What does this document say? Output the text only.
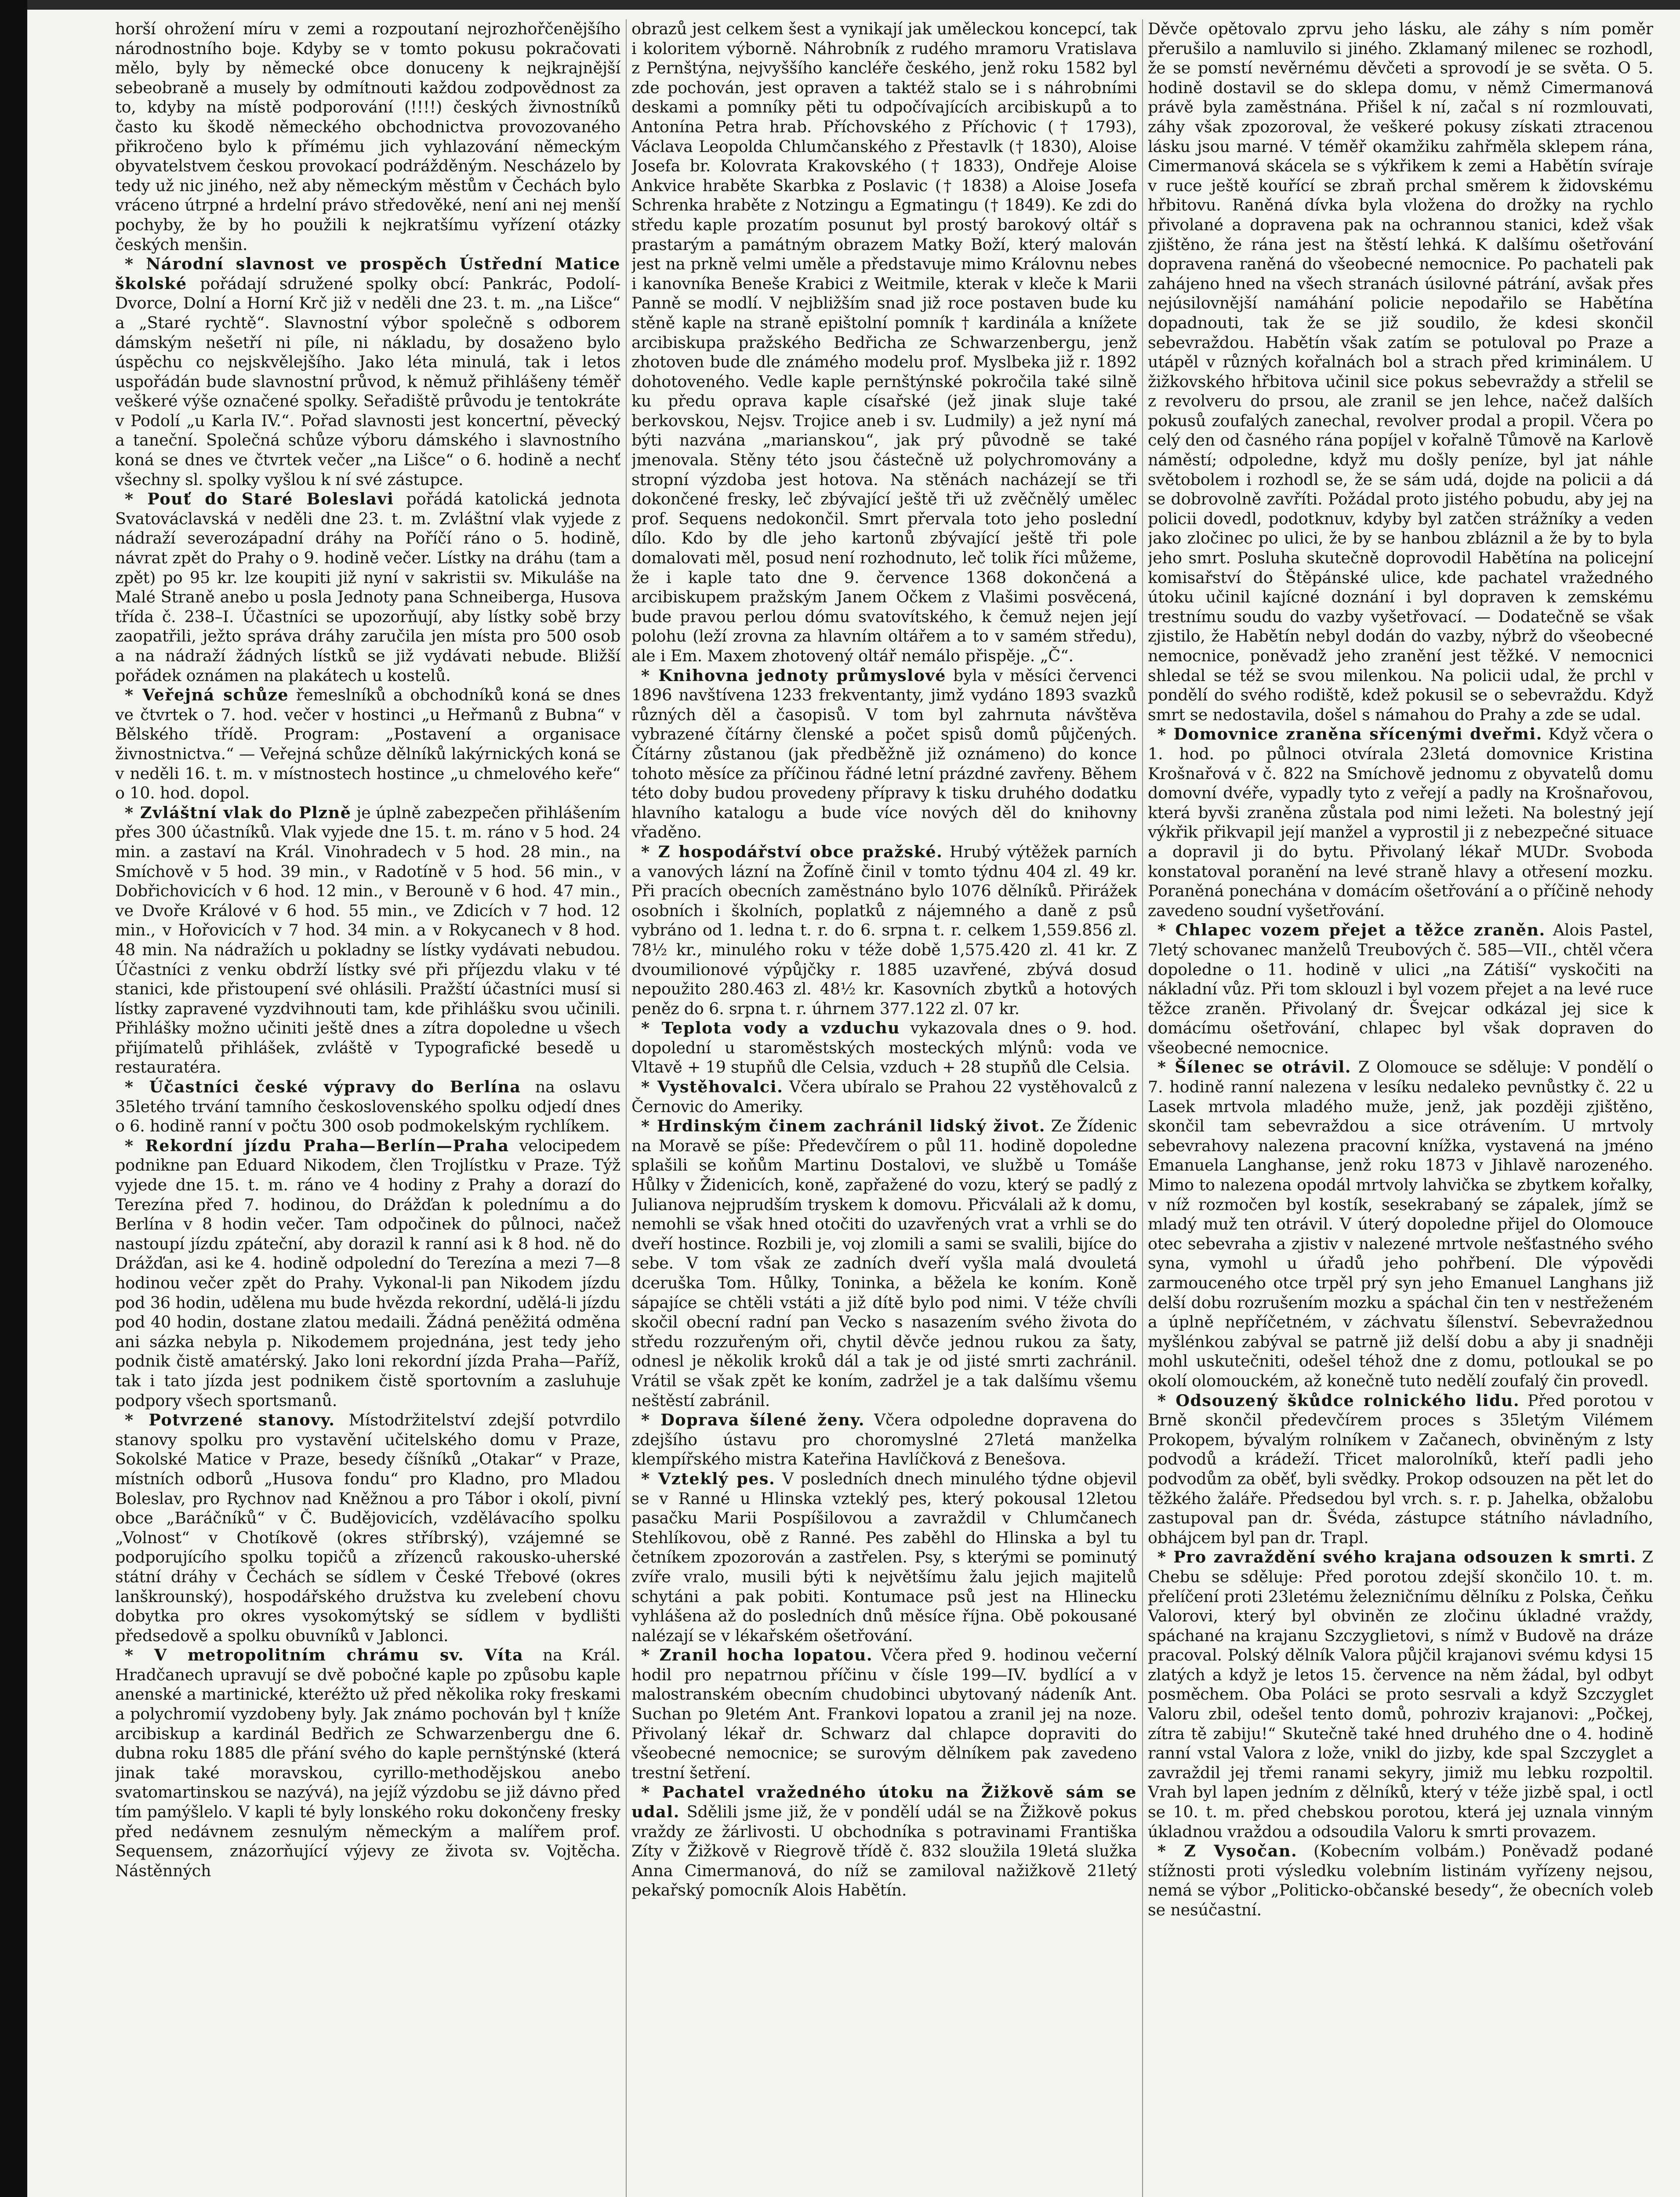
horší ohrožení míru v zemi a rozpoutaní nejrozhořčenějšího národnostního boje. Kdyby se v tomto pokusu pokračovati mělo, byly by německé obce donuceny k nejkrajnější sebeobraně a musely by odmítnouti každou zodpovědnost za to, kdyby na místě podporování (!!!!) českých živnostníků často ku škodě německého obchodnictva provozovaného přikročeno bylo k přímému jich vyhlazování německým obyvatelstvem českou provokací podrážděným. Nescházelo by tedy už nic jiného, než aby německým městům v Čechách bylo vráceno útrpné a hrdelní právo středověké, není ani nej menší pochyby, že by ho použili k nejkratšímu vyřízení otázky českých menšin.

* Národní slavnost ve prospěch Ústřední Matice školské pořádají sdružené spolky obcí: Pankrác, Podolí-Dvorce, Dolní a Horní Krč již v neděli dne 23. t. m. „na Lišce“ a „Staré rychtě“. Slavnostní výbor společně s odborem dámským nešetří ni píle, ni nákladu, by dosaženo bylo úspěchu co nejskvělejšího. Jako léta minulá, tak i letos uspořádán bude slavnostní průvod, k němuž přihlášeny téměř veškeré výše označené spolky. Seřadiště průvodu je tentokráte v Podolí „u Karla IV.“. Pořad slavnosti jest koncertní, pěvecký a taneční. Společná schůze výboru dámského i slavnostního koná se dnes ve čtvrtek večer „na Lišce“ o 6. hodině a nechť všechny sl. spolky vyšlou k ní své zástupce.

* Pouť do Staré Boleslavi pořádá katolická jednota Svatováclavská v neděli dne 23. t. m. Zvláštní vlak vyjede z nádraží severozápadní dráhy na Poříčí ráno o 5. hodině, návrat zpět do Prahy o 9. hodině večer. Lístky na dráhu (tam a zpět) po 95 kr. lze koupiti již nyní v sakristii sv. Mikuláše na Malé Straně anebo u posla Jednoty pana Schneiberga, Husova třída č. 238–I. Účastníci se upozorňují, aby lístky sobě brzy zaopatřili, ježto správa dráhy zaručila jen místa pro 500 osob a na nádraží žádných lístků se již vydávati nebude. Bližší pořádek oznámen na plakátech u kostelů.

* Veřejná schůze řemeslníků a obchodníků koná se dnes ve čtvrtek o 7. hod. večer v hostinci „u Heřmanů z Bubna“ v Bělského třídě. Program: „Postavení a organisace živnostnictva.“ — Veřejná schůze dělníků lakýrnických koná se v neděli 16. t. m. v místnostech hostince „u chmelového keře“ o 10. hod. dopol.

* Zvláštní vlak do Plzně je úplně zabezpečen přihlášením přes 300 účastníků. Vlak vyjede dne 15. t. m. ráno v 5 hod. 24 min. a zastaví na Král. Vinohradech v 5 hod. 28 min., na Smíchově v 5 hod. 39 min., v Radotíně v 5 hod. 56 min., v Dobřichovicích v 6 hod. 12 min., v Berouně v 6 hod. 47 min., ve Dvoře Králové v 6 hod. 55 min., ve Zdicích v 7 hod. 12 min., v Hořovicích v 7 hod. 34 min. a v Rokycanech v 8 hod. 48 min. Na nádražích u pokladny se lístky vydávati nebudou. Účastníci z venku obdrží lístky své při příjezdu vlaku v té stanici, kde přistoupení své ohlásili. Pražští účastníci musí si lístky zapravené vyzdvihnouti tam, kde přihlášku svou učinili. Přihlášky možno učiniti ještě dnes a zítra dopoledne u všech přijímatelů přihlášek, zvláště v Typografické besedě u restauratéra.

* Účastníci české výpravy do Berlína na oslavu 35letého trvání tamního československého spolku odjedí dnes o 6. hodině ranní v počtu 300 osob podmokelským rychlíkem.

* Rekordní jízdu Praha—Berlín—Praha velocipedem podnikne pan Eduard Nikodem, člen Trojlístku v Praze. Týž vyjede dne 15. t. m. ráno ve 4 hodiny z Prahy a dorazí do Terezína před 7. hodinou, do Drážďan k polednímu a do Berlína v 8 hodin večer. Tam odpočinek do půlnoci, načež nastoupí jízdu zpáteční, aby dorazil k ranní asi k 8 hod. ně do Drážďan, asi ke 4. hodině odpolední do Terezína a mezi 7—8 hodinou večer zpět do Prahy. Vykonal-li pan Nikodem jízdu pod 36 hodin, udělena mu bude hvězda rekordní, udělá-li jízdu pod 40 hodin, dostane zlatou medaili. Žádná peněžitá odměna ani sázka nebyla p. Nikodemem projednána, jest tedy jeho podnik čistě amatérský. Jako loni rekordní jízda Praha—Paříž, tak i tato jízda jest podnikem čistě sportovním a zasluhuje podpory všech sportsmanů.

* Potvrzené stanovy. Místodržitelství zdejší potvrdilo stanovy spolku pro vystavění učitelského domu v Praze, Sokolské Matice v Praze, besedy číšníků „Otakar“ v Praze, místních odborů „Husova fondu“ pro Kladno, pro Mladou Boleslav, pro Rychnov nad Kněžnou a pro Tábor i okolí, pivní obce „Baráčníků“ v Č. Budějovicích, vzdělávacího spolku „Volnost“ v Chotíkově (okres stříbrský), vzájemné se podporujícího spolku topičů a zřízenců rakousko-uherské státní dráhy v Čechách se sídlem v České Třebové (okres lanškrounský), hospodářského družstva ku zvelebení chovu dobytka pro okres vysokomýtský se sídlem v bydlišti předsedově a spolku obuvníků v Jablonci.

* V metropolitním chrámu sv. Víta na Král. Hradčanech upravují se dvě pobočné kaple po způsobu kaple anenské a martinické, kteréžto už před několika roky freskami a polychromií vyzdobeny byly. Jak známo pochován byl † kníže arcibiskup a kardinál Bedřich ze Schwarzenbergu dne 6. dubna roku 1885 dle přání svého do kaple pernštýnské (která jinak také moravskou, cyrillo-methodějskou anebo svatomartinskou se nazývá), na jejíž výzdobu se již dávno před tím pamýšlelo. V kapli té byly lonského roku dokončeny fresky před nedávnem zesnulým německým a malířem prof. Sequensem, znázorňující výjevy ze života sv. Vojtěcha. Nástěnných

obrazů jest celkem šest a vynikají jak uměleckou koncepcí, tak i koloritem výborně. Náhrobník z rudého mramoru Vratislava z Pernštýna, nejvyššího kancléře českého, jenž roku 1582 byl zde pochován, jest opraven a taktéž stalo se i s náhrobními deskami a pomníky pěti tu odpočívajících arcibiskupů a to Antonína Petra hrab. Příchovského z Příchovic († 1793), Václava Leopolda Chlumčanského z Přestavlk († 1830), Aloise Josefa br. Kolovrata Krakovského († 1833), Ondřeje Aloise Ankvice hraběte Skarbka z Poslavic († 1838) a Aloise Josefa Schrenka hraběte z Notzingu a Egmatingu († 1849). Ke zdi do středu kaple prozatím posunut byl prostý barokový oltář s prastarým a památným obrazem Matky Boží, který malován jest na prkně velmi uměle a představuje mimo Královnu nebes i kanovníka Beneše Krabici z Weitmile, kterak v kleče k Marii Panně se modlí. V nejbližším snad již roce postaven bude ku stěně kaple na straně epištolní pomník † kardinála a knížete arcibiskupa pražského Bedřicha ze Schwarzenbergu, jenž zhotoven bude dle známého modelu prof. Myslbeka již r. 1892 dohotoveného. Vedle kaple pernštýnské pokročila také silně ku předu oprava kaple císařské (jež jinak sluje také berkovskou, Nejsv. Trojice aneb i sv. Ludmily) a jež nyní má býti nazvána „marianskou“, jak prý původně se také jmenovala. Stěny této jsou částečně už polychromovány a stropní výzdoba jest hotova. Na stěnách nacházejí se tři dokončené fresky, leč zbývající ještě tři už zvěčnělý umělec prof. Sequens nedokončil. Smrt přervala toto jeho poslední dílo. Kdo by dle jeho kartonů zbývající ještě tři pole domalovati měl, posud není rozhodnuto, leč tolik říci můžeme, že i kaple tato dne 9. července 1368 dokončená a arcibiskupem pražským Janem Očkem z Vlašimi posvěcená, bude pravou perlou dómu svatovítského, k čemuž nejen její polohu (leží zrovna za hlavním oltářem a to v samém středu), ale i Em. Maxem zhotovený oltář nemálo přispěje. „Č“.

* Knihovna jednoty průmyslové byla v měsíci červenci 1896 navštívena 1233 frekventanty, jimž vydáno 1893 svazků různých děl a časopisů. V tom byl zahrnuta návštěva vybrazené čítárny členské a počet spisů domů půjčených. Čítárny zůstanou (jak předběžně již oznámeno) do konce tohoto měsíce za příčinou řádné letní prázdné zavřeny. Během této doby budou provedeny přípravy k tisku druhého dodatku hlavního katalogu a bude více nových děl do knihovny vřaděno.

* Z hospodářství obce pražské. Hrubý výtěžek parních a vanových lázní na Žofíně činil v tomto týdnu 404 zl. 49 kr. Při pracích obecních zaměstnáno bylo 1076 dělníků. Přirážek osobních i školních, poplatků z nájemného a daně z psů vybráno od 1. ledna t. r. do 6. srpna t. r. celkem 1,559.856 zl. 78½ kr., minulého roku v téže době 1,575.420 zl. 41 kr. Z dvoumilionové výpůjčky r. 1885 uzavřené, zbývá dosud nepoužito 280.463 zl. 48½ kr. Kasovních zbytků a hotových peněz do 6. srpna t. r. úhrnem 377.122 zl. 07 kr.

* Teplota vody a vzduchu vykazovala dnes o 9. hod. dopolední u staroměstských mosteckých mlýnů: voda ve Vltavě + 19 stupňů dle Celsia, vzduch + 28 stupňů dle Celsia.

* Vystěhovalci. Včera ubíralo se Prahou 22 vystěhovalců z Černovic do Ameriky.

* Hrdinským činem zachránil lidský život. Ze Žídenic na Moravě se píše: Předevčírem o půl 11. hodině dopoledne splašili se koňům Martinu Dostalovi, ve službě u Tomáše Hůlky v Židenicích, koně, zapřažené do vozu, který se padlý z Julianova nejprudším tryskem k domovu. Přicválali až k domu, nemohli se však hned otočiti do uzavřených vrat a vrhli se do dveří hostince. Rozbili je, voj zlomili a sami se svalili, bijíce do sebe. V tom však ze zadních dveří vyšla malá dvouletá dceruška Tom. Hůlky, Toninka, a běžela ke koním. Koně sápajíce se chtěli vstáti a již dítě bylo pod nimi. V téže chvíli skočil obecní radní pan Vecko s nasazením svého života do středu rozzuřeným oři, chytil děvče jednou rukou za šaty, odnesl je několik kroků dál a tak je od jisté smrti zachránil. Vrátil se však zpět ke koním, zadržel je a tak dalšímu všemu neštěstí zabránil.

* Doprava šílené ženy. Včera odpoledne dopravena do zdejšího ústavu pro choromyslné 27letá manželka klempířského mistra Kateřina Havlíčková z Benešova.

* Vzteklý pes. V posledních dnech minulého týdne objevil se v Ranné u Hlinska vzteklý pes, který pokousal 12letou pasačku Marii Pospíšilovou a zavraždil v Chlumčanech Stehlíkovou, obě z Ranné. Pes zaběhl do Hlinska a byl tu četníkem zpozorován a zastřelen. Psy, s kterými se pominutý zvíře vralo, musili býti k největšímu žalu jejich majitelů schytáni a pak pobiti. Kontumace psů jest na Hlinecku vyhlášena až do posledních dnů měsíce října. Obě pokousané nalézají se v lékařském ošetřování.

* Zranil hocha lopatou. Včera před 9. hodinou večerní hodil pro nepatrnou příčinu v čísle 199—IV. bydlící a v malostranském obecním chudobinci ubytovaný nádeník Ant. Suchan po 9letém Ant. Frankovi lopatou a zranil jej na noze. Přivolaný lékař dr. Schwarz dal chlapce dopraviti do všeobecné nemocnice; se surovým dělníkem pak zavedeno trestní šetření.

* Pachatel vražedného útoku na Žižkově sám se udal. Sdělili jsme již, že v pondělí udál se na Žižkově pokus vraždy ze žárlivosti. U obchodníka s potravinami Františka Zíty v Žižkově v Riegrově třídě č. 832 sloužila 19letá služka Anna Cimermanová, do níž se zamiloval nažižkově 21letý pekařský pomocník Alois Habětín.

Děvče opětovalo zprvu jeho lásku, ale záhy s ním poměr přerušilo a namluvilo si jiného. Zklamaný milenec se rozhodl, že se pomstí nevěrnému děvčeti a sprovodí je se světa. O 5. hodině dostavil se do sklepa domu, v němž Cimermanová právě byla zaměstnána. Přišel k ní, začal s ní rozmlouvati, záhy však zpozoroval, že veškeré pokusy získati ztracenou lásku jsou marné. V téměř okamžiku zahřměla sklepem rána, Cimermanová skácela se s výkřikem k zemi a Habětín svíraje v ruce ještě kouřící se zbraň prchal směrem k židovskému hřbitovu. Raněná dívka byla vložena do drožky na rychlo přivolané a dopravena pak na ochrannou stanici, kdež však zjištěno, že rána jest na štěstí lehká. K dalšímu ošetřování dopravena raněná do všeobecné nemocnice. Po pachateli pak zahájeno hned na všech stranách úsilovné pátrání, avšak přes nejúsilovnější namáhání policie nepodařilo se Habětína dopadnouti, tak že se již soudilo, že kdesi skončil sebevraždou. Habětín však zatím se potuloval po Praze a utápěl v různých kořalnách bol a strach před kriminálem. U žižkovského hřbitova učinil sice pokus sebevraždy a střelil se z revolveru do prsou, ale zranil se jen lehce, načež dalších pokusů zoufalých zanechal, revolver prodal a propil. Včera po celý den od časného rána popíjel v kořalně Tůmově na Karlově náměstí; odpoledne, když mu došly peníze, byl jat náhle světobolem i rozhodl se, že se sám udá, dojde na policii a dá se dobrovolně zavříti. Požádal proto jistého pobudu, aby jej na policii dovedl, podotknuv, kdyby byl zatčen strážníky a veden jako zločinec po ulici, že by se hanbou zbláznil a že by to byla jeho smrt. Posluha skutečně doprovodil Habětína na policejní komisařství do Štěpánské ulice, kde pachatel vražedného útoku učinil kajícné doznání i byl dopraven k zemskému trestnímu soudu do vazby vyšetřovací. — Dodatečně se však zjistilo, že Habětín nebyl dodán do vazby, nýbrž do všeobecné nemocnice, poněvadž jeho zranění jest těžké. V nemocnici shledal se též se svou milenkou. Na policii udal, že prchl v pondělí do svého rodiště, kdež pokusil se o sebevraždu. Když smrt se nedostavila, došel s námahou do Prahy a zde se udal.

* Domovnice zraněna sřícenými dveřmi. Když včera o 1. hod. po půlnoci otvírala 23letá domovnice Kristina Krošnařová v č. 822 na Smíchově jednomu z obyvatelů domu domovní dvéře, vypadly tyto z veřejí a padly na Krošnařovou, která byvši zraněna zůstala pod nimi ležeti. Na bolestný její výkřik přikvapil její manžel a vyprostil ji z nebezpečné situace a dopravil ji do bytu. Přivolaný lékař MUDr. Svoboda konstatoval poranění na levé straně hlavy a otřesení mozku. Poraněná ponechána v domácím ošetřování a o příčině nehody zavedeno soudní vyšetřování.

* Chlapec vozem přejet a těžce zraněn. Alois Pastel, 7letý schovanec manželů Treubových č. 585—VII., chtěl včera dopoledne o 11. hodině v ulici „na Zátiší“ vyskočiti na nákladní vůz. Při tom sklouzl i byl vozem přejet a na levé ruce těžce zraněn. Přivolaný dr. Švejcar odkázal jej sice k domácímu ošetřování, chlapec byl však dopraven do všeobecné nemocnice.

* Šílenec se otrávil. Z Olomouce se sděluje: V pondělí o 7. hodině ranní nalezena v lesíku nedaleko pevnůstky č. 22 u Lasek mrtvola mladého muže, jenž, jak později zjištěno, skončil tam sebevraždou a sice otrávením. U mrtvoly sebevrahovy nalezena pracovní knížka, vystavená na jméno Emanuela Langhanse, jenž roku 1873 v Jihlavě narozeného. Mimo to nalezena opodál mrtvoly lahvička se zbytkem kořalky, v níž rozmočen byl kostík, sesekrabaný se zápalek, jímž se mladý muž ten otrávil. V úterý dopoledne přijel do Olomouce otec sebevraha a zjistiv v nalezené mrtvole nešťastného svého syna, vymohl u úřadů jeho pohřbení. Dle výpovědi zarmouceného otce trpěl prý syn jeho Emanuel Langhans již delší dobu rozrušením mozku a spáchal čin ten v nestřeženém a úplně nepříčetném, v záchvatu šílenství. Sebevražednou myšlénkou zabýval se patrně již delší dobu a aby ji snadněji mohl uskutečniti, odešel téhož dne z domu, potloukal se po okolí olomouckém, až konečně tuto nedělí zoufalý čin provedl.

* Odsouzený škůdce rolnického lidu. Před porotou v Brně skončil předevčírem proces s 35letým Vilémem Prokopem, bývalým rolníkem v Začanech, obviněným z lsty podvodů a krádeží. Třicet malorolníků, kteří padli jeho podvodům za oběť, byli svědky. Prokop odsouzen na pět let do těžkého žaláře. Předsedou byl vrch. s. r. p. Jahelka, obžalobu zastupoval pan dr. Švéda, zástupce státního návladního, obhájcem byl pan dr. Trapl.

* Pro zavraždění svého krajana odsouzen k smrti. Z Chebu se sděluje: Před porotou zdejší skončilo 10. t. m. přelíčení proti 23letému železničnímu dělníku z Polska, Čeňku Valorovi, který byl obviněn ze zločinu úkladné vraždy, spáchané na krajanu Szczyglietovi, s nímž v Budově na dráze pracoval. Polský dělník Valora půjčil krajanovi svému kdysi 15 zlatých a když je letos 15. července na něm žádal, byl odbyt posměchem. Oba Poláci se proto sesrvali a když Szczyglet Valoru zbil, odešel tento domů, pohroziv krajanovi: „Počkej, zítra tě zabiju!“ Skutečně také hned druhého dne o 4. hodině ranní vstal Valora z lože, vnikl do jizby, kde spal Szczyglet a zavraždil jej třemi ranami sekyry, jimiž mu lebku rozpoltil. Vrah byl lapen jedním z dělníků, který v téže jizbě spal, i octl se 10. t. m. před chebskou porotou, která jej uznala vinným úkladnou vraždou a odsoudila Valoru k smrti provazem.

* Z Vysočan. (Kobecním volbám.) Poněvadž podané stížnosti proti výsledku volebním listinám vyřízeny nejsou, nemá se výbor „Politicko-občanské besedy“, že obecních voleb se nesúčastní.
